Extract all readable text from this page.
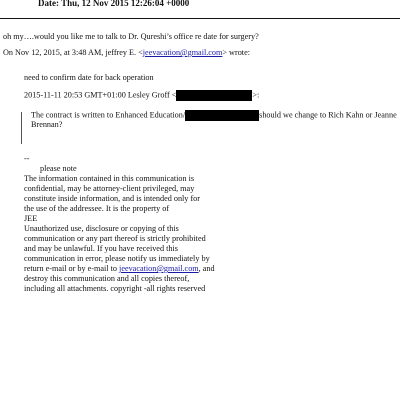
Date: Thu, 12 Nov 2015 12:26:04 +0000
oh my….would you like me to talk to Dr. Qureshi’s office re date for surgery?
On Nov 12, 2015, at 3:48 AM, jeffrey E. <jeevacation@gmail.com> wrote:
need to confirm date for back operation
2015-11-11 20:53 GMT+01:00 Lesley Groff <	>:
The contract is written to Enhanced Education/	should we change to Rich Kahn or Jeanne
Brennan?
--
please note
The information contained in this communication is
confidential, may be attorney-client privileged, may
constitute inside information, and is intended only for
the use of the addressee. It is the property of
JEE
Unauthorized use, disclosure or copying of this
communication or any part thereof is strictly prohibited
and may be unlawful. If you have received this
communication in error, please notify us immediately by
return e-mail or by e-mail to jeevacation@gmail.com, and
destroy this communication and all copies thereof,
including all attachments. copyright -all rights reserved
